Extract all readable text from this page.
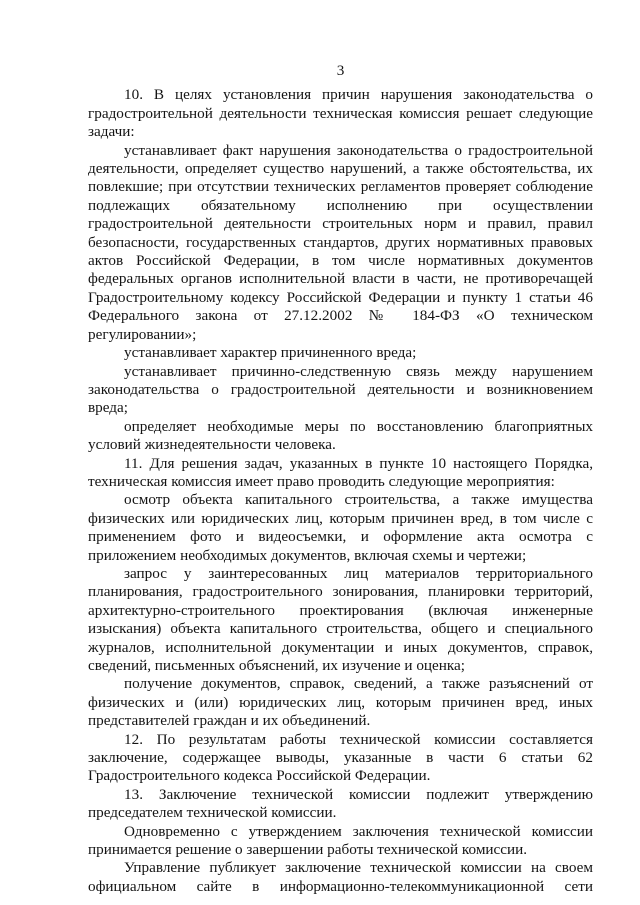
3

10. В целях установления причин нарушения законодательства о градостроительной деятельности техническая комиссия решает следующие задачи:

устанавливает факт нарушения законодательства о градостроительной деятельности, определяет существо нарушений, а также обстоятельства, их повлекшие; при отсутствии технических регламентов проверяет соблюдение подлежащих обязательному исполнению при осуществлении градостроительной деятельности строительных норм и правил, правил безопасности, государственных стандартов, других нормативных правовых актов Российской Федерации, в том числе нормативных документов федеральных органов исполнительной власти в части, не противоречащей Градостроительному кодексу Российской Федерации и пункту 1 статьи 46 Федерального закона от 27.12.2002 № 184-ФЗ «О техническом регулировании»;

устанавливает характер причиненного вреда;

устанавливает причинно-следственную связь между нарушением законодательства о градостроительной деятельности и возникновением вреда;

определяет необходимые меры по восстановлению благоприятных условий жизнедеятельности человека.

11. Для решения задач, указанных в пункте 10 настоящего Порядка, техническая комиссия имеет право проводить следующие мероприятия:

осмотр объекта капитального строительства, а также имущества физических или юридических лиц, которым причинен вред, в том числе с применением фото и видеосъемки, и оформление акта осмотра с приложением необходимых документов, включая схемы и чертежи;

запрос у заинтересованных лиц материалов территориального планирования, градостроительного зонирования, планировки территорий, архитектурно-строительного проектирования (включая инженерные изыскания) объекта капитального строительства, общего и специального журналов, исполнительной документации и иных документов, справок, сведений, письменных объяснений, их изучение и оценка;

получение документов, справок, сведений, а также разъяснений от физических и (или) юридических лиц, которым причинен вред, иных представителей граждан и их объединений.

12. По результатам работы технической комиссии составляется заключение, содержащее выводы, указанные в части 6 статьи 62 Градостроительного кодекса Российской Федерации.

13. Заключение технической комиссии подлежит утверждению председателем технической комиссии.

Одновременно с утверждением заключения технической комиссии принимается решение о завершении работы технической комиссии.

Управление публикует заключение технической комиссии на своем официальном сайте в информационно-телекоммуникационной сети
